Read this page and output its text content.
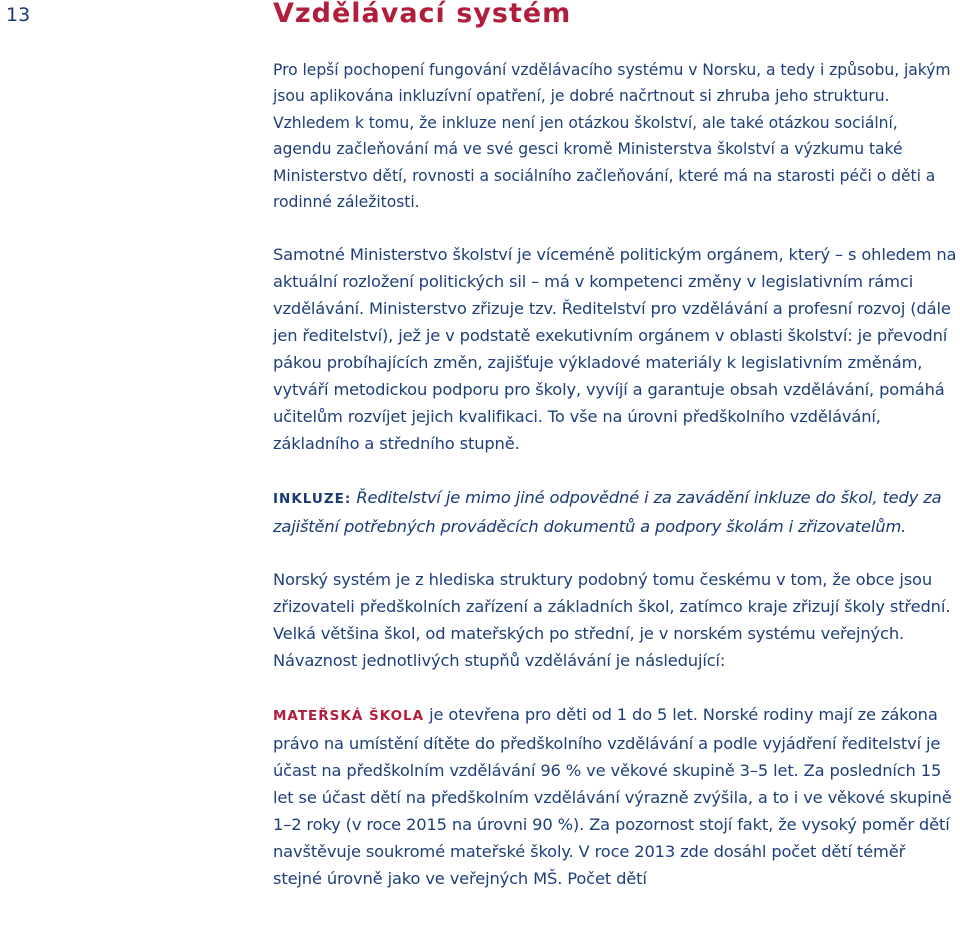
13	Vzdělávací systém

Pro lepší pochopení fungování vzdělávacího systému v Norsku, a tedy i způsobu, jakým jsou aplikována inkluzívní opatření, je dobré načrtnout si zhruba jeho strukturu. Vzhledem k tomu, že inkluze není jen otázkou školství, ale také otázkou sociální, agendu začleňování má ve své gesci kromě Ministerstva školství a výzkumu také Ministerstvo dětí, rovnosti a sociálního začleňování, které má na starosti péči o děti a rodinné záležitosti.

Samotné Ministerstvo školství je víceméně politickým orgánem, který – s ohledem na aktuální rozložení politických sil – má v kompetenci změny v legislativním rámci vzdělávání. Ministerstvo zřizuje tzv. Ředitelství pro vzdělávání a profesní rozvoj (dále jen ředitelství), jež je v podstatě exekutivním orgánem v oblasti školství: je převodní pákou probíhajících změn, zajišťuje výkladové materiály k legislativním změnám, vytváří metodickou podporu pro školy, vyvíjí a garantuje obsah vzdělávání, pomáhá učitelům rozvíjet jejich kvalifikaci. To vše na úrovni předškolního vzdělávání, základního a středního stupně.

INKLUZE: Ředitelství je mimo jiné odpovědné i za zavádění inkluze do škol, tedy za zajištění potřebných prováděcích dokumentů a podpory školám i zřizovatelům.

Norský systém je z hlediska struktury podobný tomu českému v tom, že obce jsou zřizovateli předškolních zařízení a základních škol, zatímco kraje zřizují školy střední. Velká většina škol, od mateřských po střední, je v norském systému veřejných. Návaznost jednotlivých stupňů vzdělávání je následující:

MATEŘSKÁ ŠKOLA je otevřena pro děti od 1 do 5 let. Norské rodiny mají ze zákona právo na umístění dítěte do předškolního vzdělávání a podle vyjádření ředitelství je účast na předškolním vzdělávání 96 % ve věkové skupině 3–5 let. Za posledních 15 let se účast dětí na předškolním vzdělávání výrazně zvýšila, a to i ve věkové skupině 1–2 roky (v roce 2015 na úrovni 90 %). Za pozornost stojí fakt, že vysoký poměr dětí navštěvuje soukromé mateřské školy. V roce 2013 zde dosáhl počet dětí téměř stejné úrovně jako ve veřejných MŠ. Počet dětí
